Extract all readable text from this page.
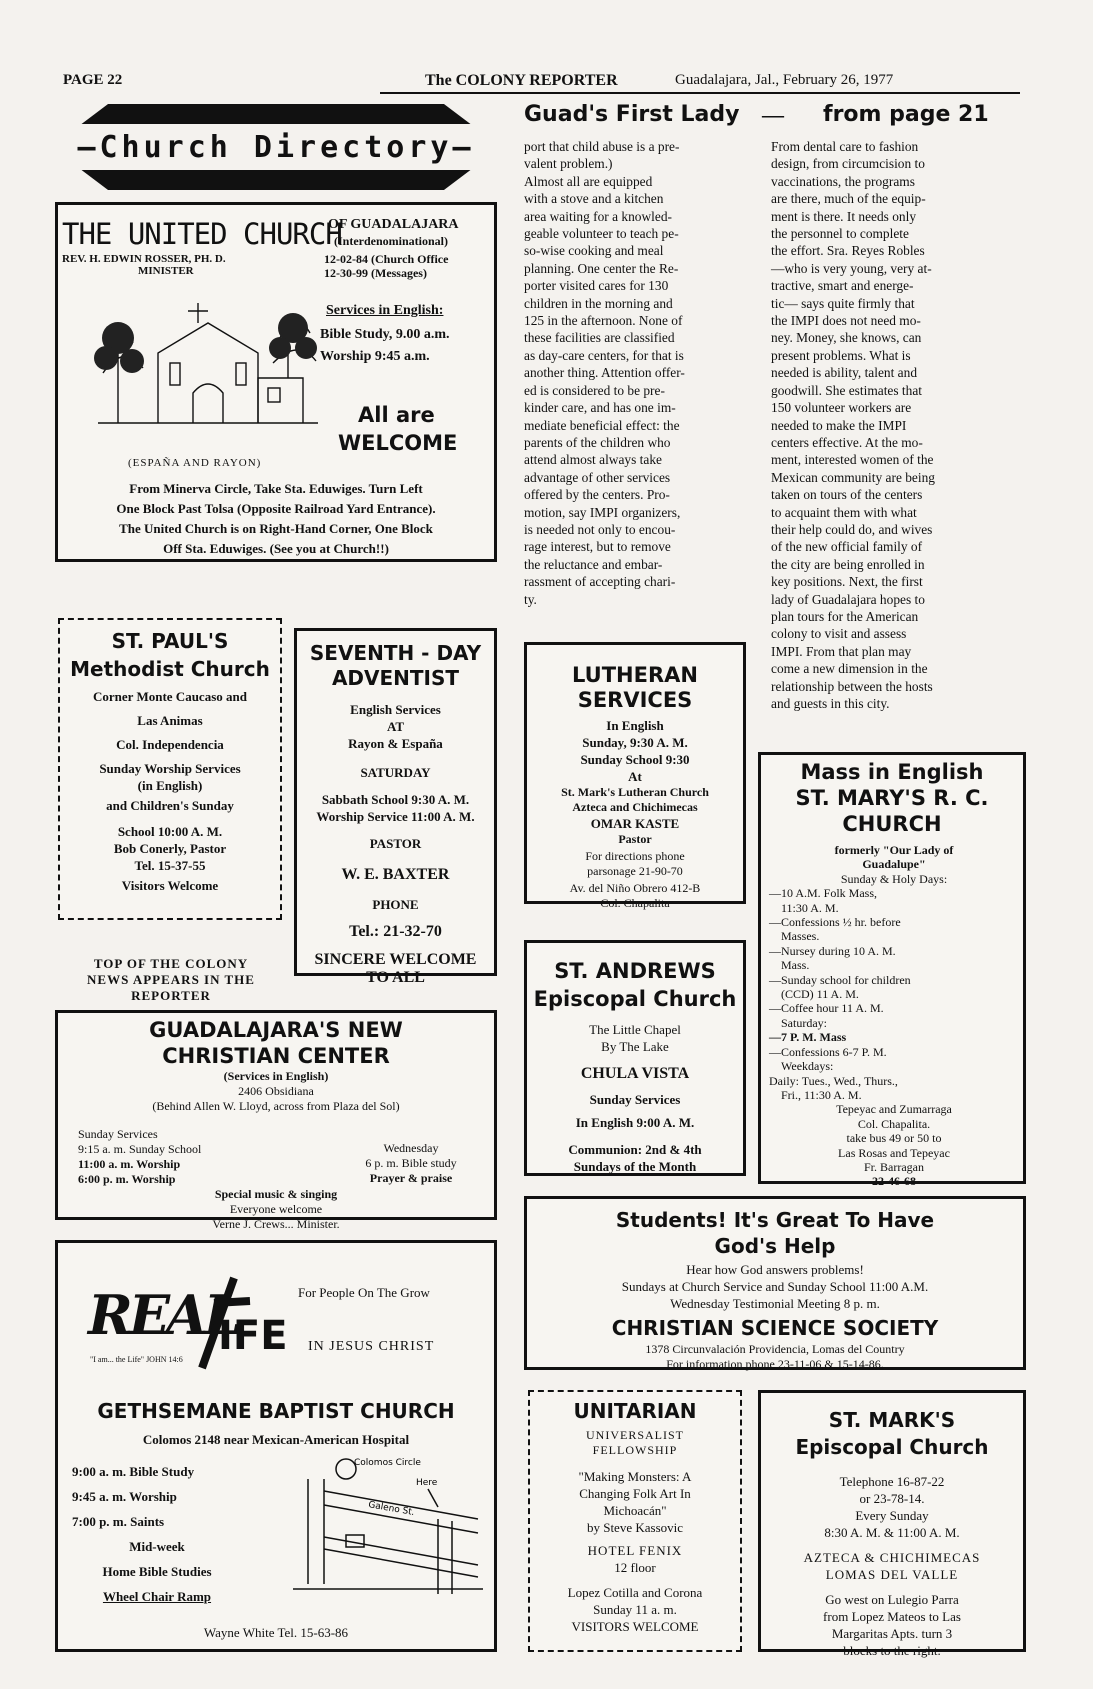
PAGE 22	The COLONY REPORTER	Guadalajara, Jal., February 26, 1977
—Church Directory—
THE UNITED CHURCH
OF GUADALAJARA
(Interdenominational)
REV. H. EDWIN ROSSER, PH. D.
MINISTER
12-02-84 (Church Office
12-30-99 (Messages)
Services in English:
Bible Study, 9.00 a.m.
Worship 9:45 a.m.
All are
WELCOME
(ESPAÑA AND RAYON)
From Minerva Circle, Take Sta. Eduwiges. Turn Left
One Block Past Tolsa (Opposite Railroad Yard Entrance).
The United Church is on Right-Hand Corner, One Block
Off Sta. Eduwiges. (See you at Church!!)
ST. PAUL'S
Methodist Church
Corner Monte Caucaso and
Las Animas
Col. Independencia
Sunday Worship Services
(in English)
and Children's Sunday
School 10:00 A. M.
Bob Conerly, Pastor
Tel. 15-37-55
Visitors Welcome
TOP OF THE COLONY
NEWS APPEARS IN THE
REPORTER
SEVENTH - DAY
ADVENTIST
English Services
AT
Rayon & España
SATURDAY
Sabbath School 9:30 A. M.
Worship Service 11:00 A. M.
PASTOR
W. E. BAXTER
PHONE
Tel.: 21-32-70
SINCERE WELCOME
TO ALL
GUADALAJARA'S NEW
CHRISTIAN CENTER
(Services in English)
2406 Obsidiana
(Behind Allen W. Lloyd, across from Plaza del Sol)
Sunday Services
9:15 a. m. Sunday School
11:00 a. m. Worship
6:00 p. m. Worship
Wednesday
6 p. m. Bible study
Prayer & praise
Special music & singing
Everyone welcome
Verne J. Crews... Minister.
REAL
IFE
"I am... the Life" JOHN 14:6
For People On The Grow
IN JESUS CHRIST
GETHSEMANE BAPTIST CHURCH
Colomos 2148 near Mexican-American Hospital
9:00 a. m. Bible Study
9:45 a. m. Worship
7:00 p. m. Saints
Mid-week
Home Bible Studies
Wheel Chair Ramp
Colomos Circle
Galeno St.
Here
Wayne White Tel. 15-63-86
Guad's First Lady — from page 21
port that child abuse is a pre-
valent problem.)
Almost all are equipped
with a stove and a kitchen
area waiting for a knowled-
geable volunteer to teach pe-
so-wise cooking and meal
planning. One center the Re-
porter visited cares for 130
children in the morning and
125 in the afternoon. None of
these facilities are classified
as day-care centers, for that is
another thing. Attention offer-
ed is considered to be pre-
kinder care, and has one im-
mediate beneficial effect: the
parents of the children who
attend almost always take
advantage of other services
offered by the centers. Pro-
motion, say IMPI organizers,
is needed not only to encou-
rage interest, but to remove
the reluctance and embar-
rassment of accepting chari-
ty.
From dental care to fashion
design, from circumcision to
vaccinations, the programs
are there, much of the equip-
ment is there. It needs only
the personnel to complete
the effort. Sra. Reyes Robles
—who is very young, very at-
tractive, smart and energe-
tic— says quite firmly that
the IMPI does not need mo-
ney. Money, she knows, can
present problems. What is
needed is ability, talent and
goodwill. She estimates that
150 volunteer workers are
needed to make the IMPI
centers effective. At the mo-
ment, interested women of the
Mexican community are being
taken on tours of the centers
to acquaint them with what
their help could do, and wives
of the new official family of
the city are being enrolled in
key positions. Next, the first
lady of Guadalajara hopes to
plan tours for the American
colony to visit and assess
IMPI. From that plan may
come a new dimension in the
relationship between the hosts
and guests in this city.
LUTHERAN
SERVICES
In English
Sunday, 9:30 A. M.
Sunday School 9:30
At
St. Mark's Lutheran Church
Azteca and Chichimecas
OMAR KASTE
Pastor
For directions phone
parsonage 21-90-70
Av. del Niño Obrero 412-B
Col. Chapalita
ST. ANDREWS
Episcopal Church
The Little Chapel
By The Lake
CHULA VISTA
Sunday Services
In English 9:00 A. M.
Communion: 2nd & 4th
Sundays of the Month
Mass in English
ST. MARY'S R. C.
CHURCH
formerly "Our Lady of
Guadalupe"
Sunday & Holy Days:
—10 A.M. Folk Mass,
11:30 A. M.
—Confessions ½ hr. before
Masses.
—Nursey during 10 A. M.
Mass.
—Sunday school for children
(CCD) 11 A. M.
—Coffee hour 11 A. M.
Saturday:
—7 P. M. Mass
—Confessions 6-7 P. M.
Weekdays:
Daily: Tues., Wed., Thurs.,
Fri., 11:30 A. M.
Tepeyac and Zumarraga
Col. Chapalita.
take bus 49 or 50 to
Las Rosas and Tepeyac
Fr. Barragan
22-46-68
Students! It's Great To Have
God's Help
Hear how God answers problems!
Sundays at Church Service and Sunday School 11:00 A.M.
Wednesday Testimonial Meeting 8 p. m.
CHRISTIAN SCIENCE SOCIETY
1378 Circunvalación Providencia, Lomas del Country
For information phone 23-11-06 & 15-14-86.
UNITARIAN
UNIVERSALIST
FELLOWSHIP
"Making Monsters: A
Changing Folk Art In
Michoacán"
by Steve Kassovic
HOTEL FENIX
12 floor
Lopez Cotilla and Corona
Sunday 11 a. m.
VISITORS WELCOME
ST. MARK'S
Episcopal Church
Telephone 16-87-22
or 23-78-14.
Every Sunday
8:30 A. M. & 11:00 A. M.
AZTECA & CHICHIMECAS
LOMAS DEL VALLE
Go west on Lulegio Parra
from Lopez Mateos to Las
Margaritas Apts. turn 3
blocks to the right.
